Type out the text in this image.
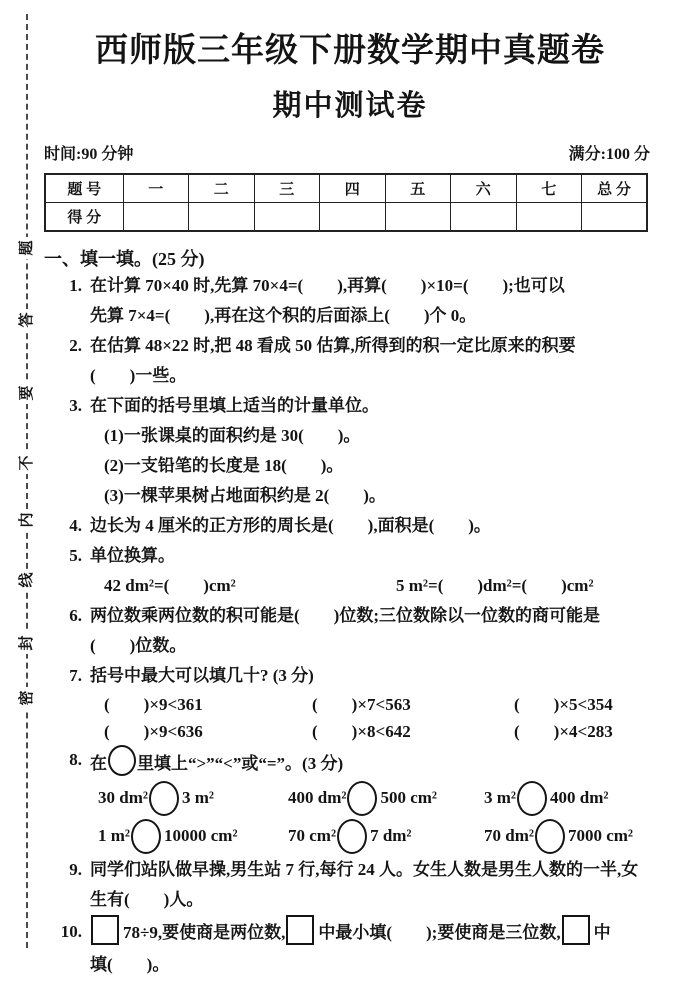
题
答
要
不
内
线
封
密
西师版三年级下册数学期中真题卷
期中测试卷
时间:90 分钟	满分:100 分
题 号	一	二	三	四	五	六	七	总 分
得 分								
一、填一填。(25 分)
1. 在计算 70×40 时,先算 70×4=(　　),再算(　　)×10=(　　);也可以
先算 7×4=(　　),再在这个积的后面添上(　　)个 0。
2. 在估算 48×22 时,把 48 看成 50 估算,所得到的积一定比原来的积要
(　　)一些。
3. 在下面的括号里填上适当的计量单位。
(1)一张课桌的面积约是 30(　　)。
(2)一支铅笔的长度是 18(　　)。
(3)一棵苹果树占地面积约是 2(　　)。
4. 边长为 4 厘米的正方形的周长是(　　),面积是(　　)。
5. 单位换算。
42 dm²=(　　)cm²	5 m²=(　　)dm²=(　　)cm²
6. 两位数乘两位数的积可能是(　　)位数;三位数除以一位数的商可能是
(　　)位数。
7. 括号中最大可以填几十? (3 分)
(　　)×9<361	(　　)×7<563	(　　)×5<354
(　　)×9<636	(　　)×8<642	(　　)×4<283
8. 在 里填上“>”“<”或“=”。(3 分)
30 dm² 3 m²	400 dm² 500 cm²	3 m² 400 dm²
1 m² 10000 cm²	70 cm² 7 dm²	70 dm² 7000 cm²
9. 同学们站队做早操,男生站 7 行,每行 24 人。女生人数是男生人数的一半,女
生有(　　)人。
10.	78÷9,要使商是两位数, 中最小填(　　);要使商是三位数, 中
填(　　)。
